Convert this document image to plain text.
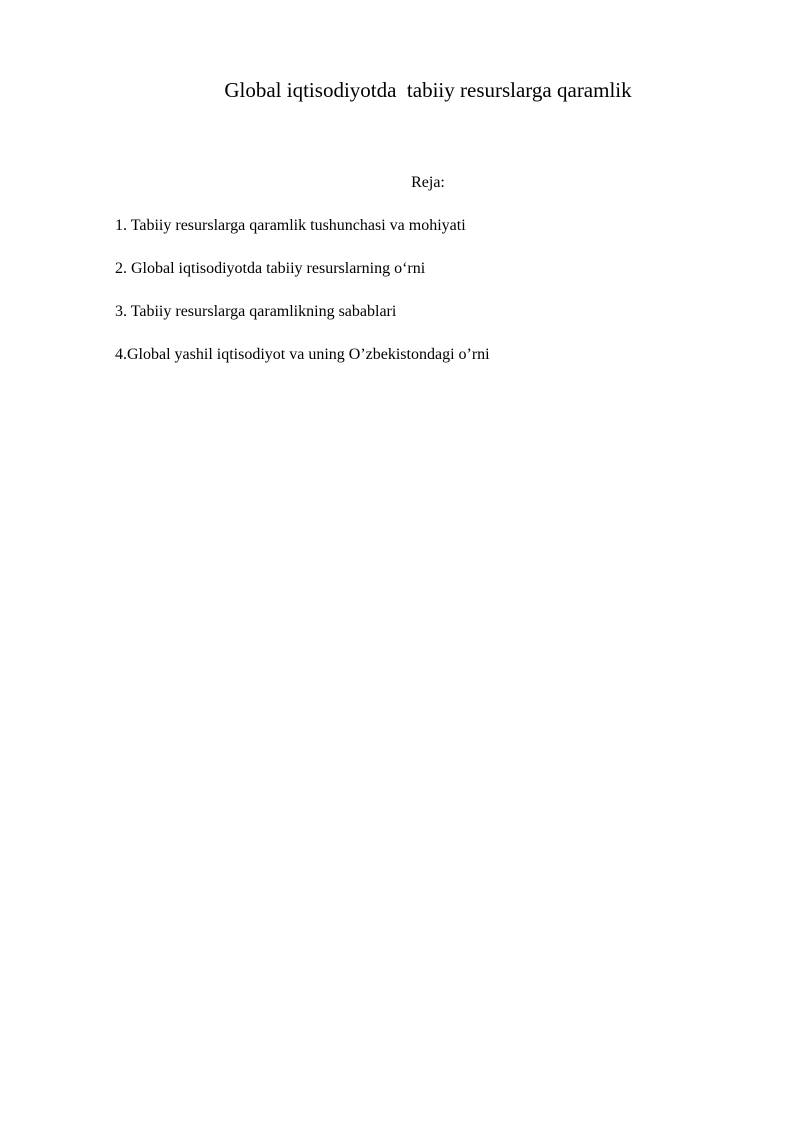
Global iqtisodiyotda  tabiiy resurslarga qaramlik
Reja:
1. Tabiiy resurslarga qaramlik tushunchasi va mohiyati
2. Global iqtisodiyotda tabiiy resurslarning o‘rni
3. Tabiiy resurslarga qaramlikning sabablari
4.Global yashil iqtisodiyot va uning O’zbekistondagi o’rni
